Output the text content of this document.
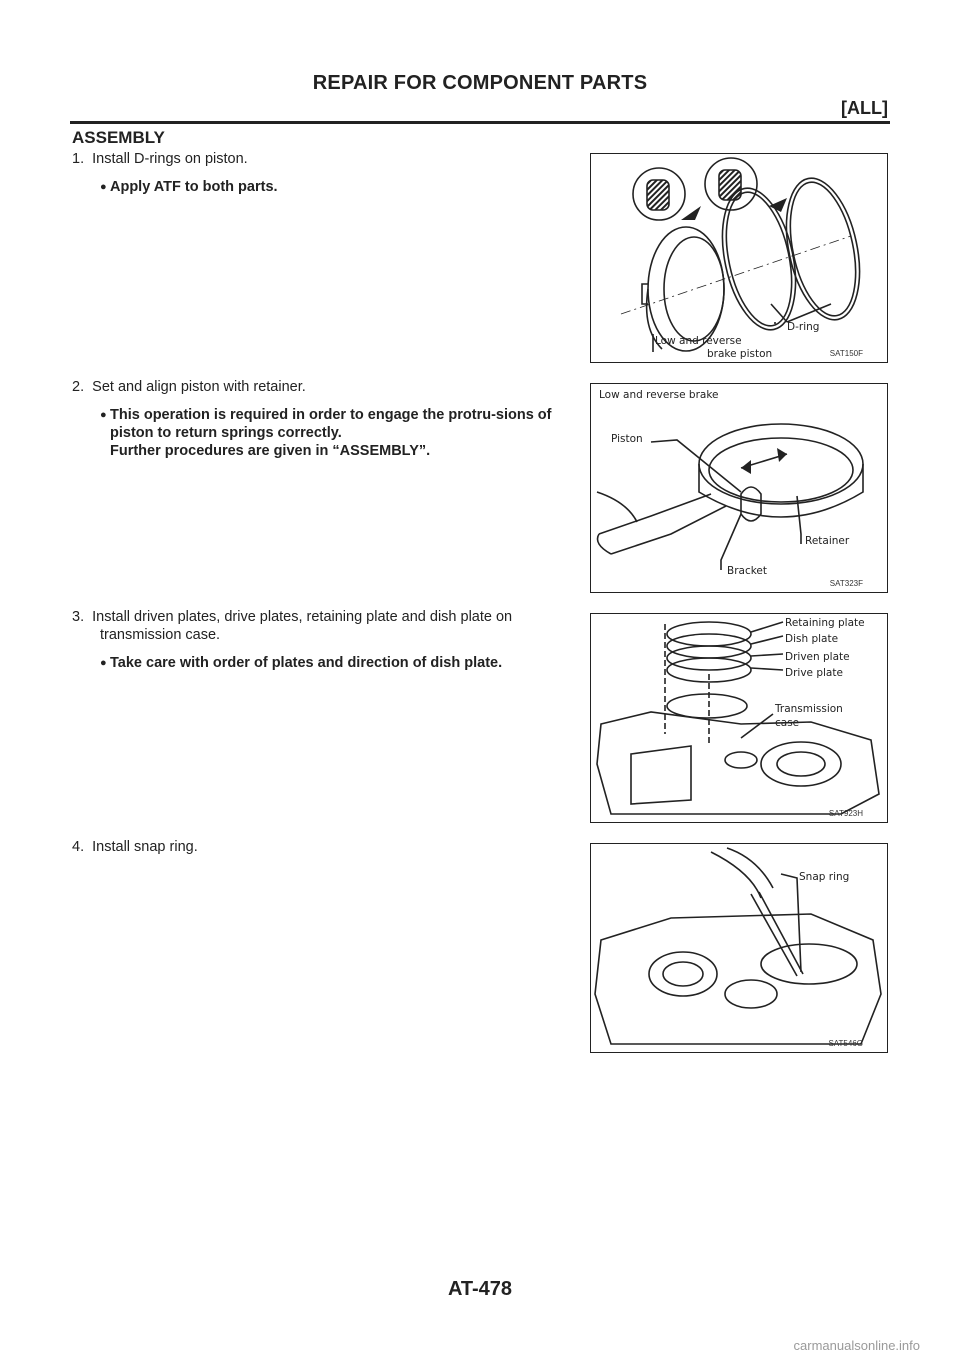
REPAIR FOR COMPONENT PARTS
[ALL]
ASSEMBLY
1.  Install D-rings on piston.
● Apply ATF to both parts.
D-ring
Low and reverse
brake piston	SAT150F
2.  Set and align piston with retainer.
● This operation is required in order to engage the protru-sions of piston to return springs correctly.
Further procedures are given in “ASSEMBLY”.
Low and reverse brake
Piston
Retainer
Bracket
SAT323F
3.  Install driven plates, drive plates, retaining plate and dish plate on transmission case.
● Take care with order of plates and direction of dish plate.
Retaining plate
Dish plate
Driven plate
Drive plate
Transmission
case
SAT923H
4.  Install snap ring.
Snap ring
SAT546G
AT-478
carmanualsonline.info
